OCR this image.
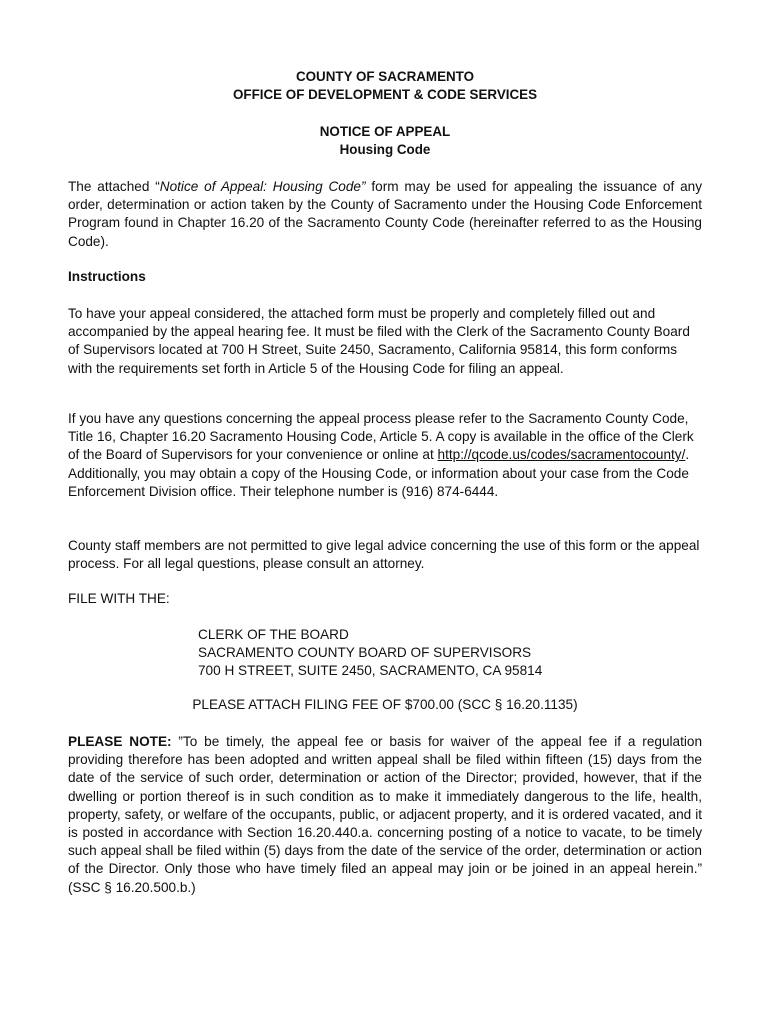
COUNTY OF SACRAMENTO
OFFICE OF DEVELOPMENT & CODE SERVICES
NOTICE OF APPEAL
Housing Code

The attached “Notice of Appeal: Housing Code” form may be used for appealing the issuance of any order, determination or action taken by the County of Sacramento under the Housing Code Enforcement Program found in Chapter 16.20 of the Sacramento County Code (hereinafter referred to as the Housing Code).

Instructions

To have your appeal considered, the attached form must be properly and completely filled out and accompanied by the appeal hearing fee. It must be filed with the Clerk of the Sacramento County Board of Supervisors located at 700 H Street, Suite 2450, Sacramento, California 95814, this form conforms with the requirements set forth in Article 5 of the Housing Code for filing an appeal.

If you have any questions concerning the appeal process please refer to the Sacramento County Code, Title 16, Chapter 16.20 Sacramento Housing Code, Article 5. A copy is available in the office of the Clerk of the Board of Supervisors for your convenience or online at http://qcode.us/codes/sacramentocounty/. Additionally, you may obtain a copy of the Housing Code, or information about your case from the Code Enforcement Division office. Their telephone number is (916) 874-6444.

County staff members are not permitted to give legal advice concerning the use of this form or the appeal process. For all legal questions, please consult an attorney.

FILE WITH THE:
CLERK OF THE BOARD
SACRAMENTO COUNTY BOARD OF SUPERVISORS
700 H STREET, SUITE 2450, SACRAMENTO, CA 95814
PLEASE ATTACH FILING FEE OF $700.00 (SCC § 16.20.1135)

PLEASE NOTE: ”To be timely, the appeal fee or basis for waiver of the appeal fee if a regulation providing therefore has been adopted and written appeal shall be filed within fifteen (15) days from the date of the service of such order, determination or action of the Director; provided, however, that if the dwelling or portion thereof is in such condition as to make it immediately dangerous to the life, health, property, safety, or welfare of the occupants, public, or adjacent property, and it is ordered vacated, and it is posted in accordance with Section 16.20.440.a. concerning posting of a notice to vacate, to be timely such appeal shall be filed within (5) days from the date of the service of the order, determination or action of the Director. Only those who have timely filed an appeal may join or be joined in an appeal herein.” (SSC § 16.20.500.b.)
